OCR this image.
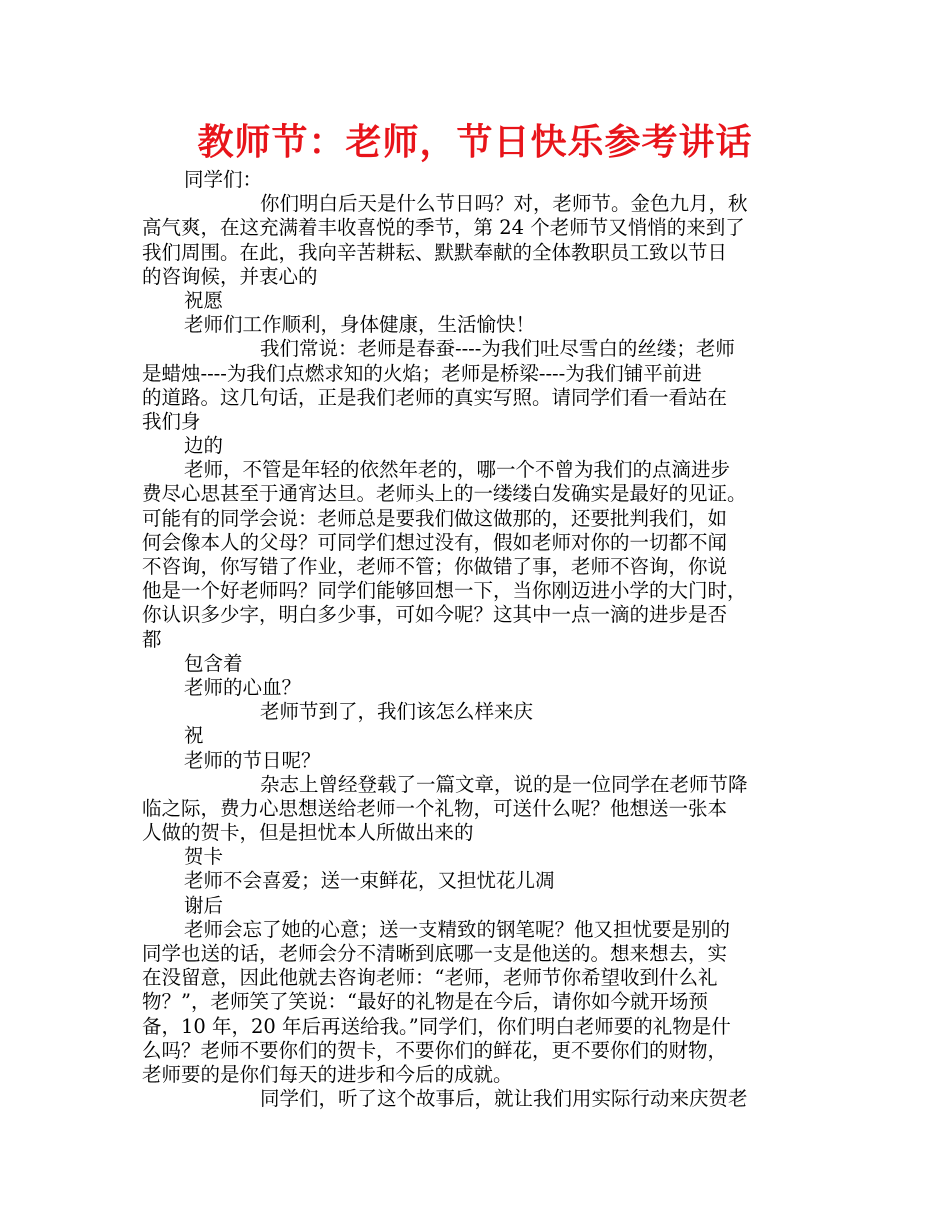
教师节：老师，节日快乐参考讲话
同学们：
你们明白后天是什么节日吗？对，老师节。金色九月，秋
高气爽，在这充满着丰收喜悦的季节，第 24 个老师节又悄悄的来到了
我们周围。在此，我向辛苦耕耘、默默奉献的全体教职员工致以节日
的咨询候，并衷心的
祝愿
老师们工作顺利，身体健康，生活愉快！
我们常说：老师是春蚕----为我们吐尽雪白的丝缕；老师
是蜡烛----为我们点燃求知的火焰；老师是桥梁----为我们铺平前进
的道路。这几句话，正是我们老师的真实写照。请同学们看一看站在
我们身
边的
老师，不管是年轻的依然年老的，哪一个不曾为我们的点滴进步
费尽心思甚至于通宵达旦。老师头上的一缕缕白发确实是最好的见证。
可能有的同学会说：老师总是要我们做这做那的，还要批判我们，如
何会像本人的父母？可同学们想过没有，假如老师对你的一切都不闻
不咨询，你写错了作业，老师不管；你做错了事，老师不咨询，你说
他是一个好老师吗？同学们能够回想一下，当你刚迈进小学的大门时，
你认识多少字，明白多少事，可如今呢？这其中一点一滴的进步是否
都
包含着
老师的心血？
老师节到了，我们该怎么样来庆
祝
老师的节日呢？
杂志上曾经登载了一篇文章，说的是一位同学在老师节降
临之际，费力心思想送给老师一个礼物，可送什么呢？他想送一张本
人做的贺卡，但是担忧本人所做出来的
贺卡
老师不会喜爱；送一束鲜花，又担忧花儿凋
谢后
老师会忘了她的心意；送一支精致的钢笔呢？他又担忧要是别的
同学也送的话，老师会分不清晰到底哪一支是他送的。想来想去，实
在没留意，因此他就去咨询老师：“老师，老师节你希望收到什么礼
物？”，老师笑了笑说：“最好的礼物是在今后，请你如今就开场预
备，10 年，20 年后再送给我。”同学们，你们明白老师要的礼物是什
么吗？老师不要你们的贺卡，不要你们的鲜花，更不要你们的财物，
老师要的是你们每天的进步和今后的成就。
同学们，听了这个故事后，就让我们用实际行动来庆贺老
